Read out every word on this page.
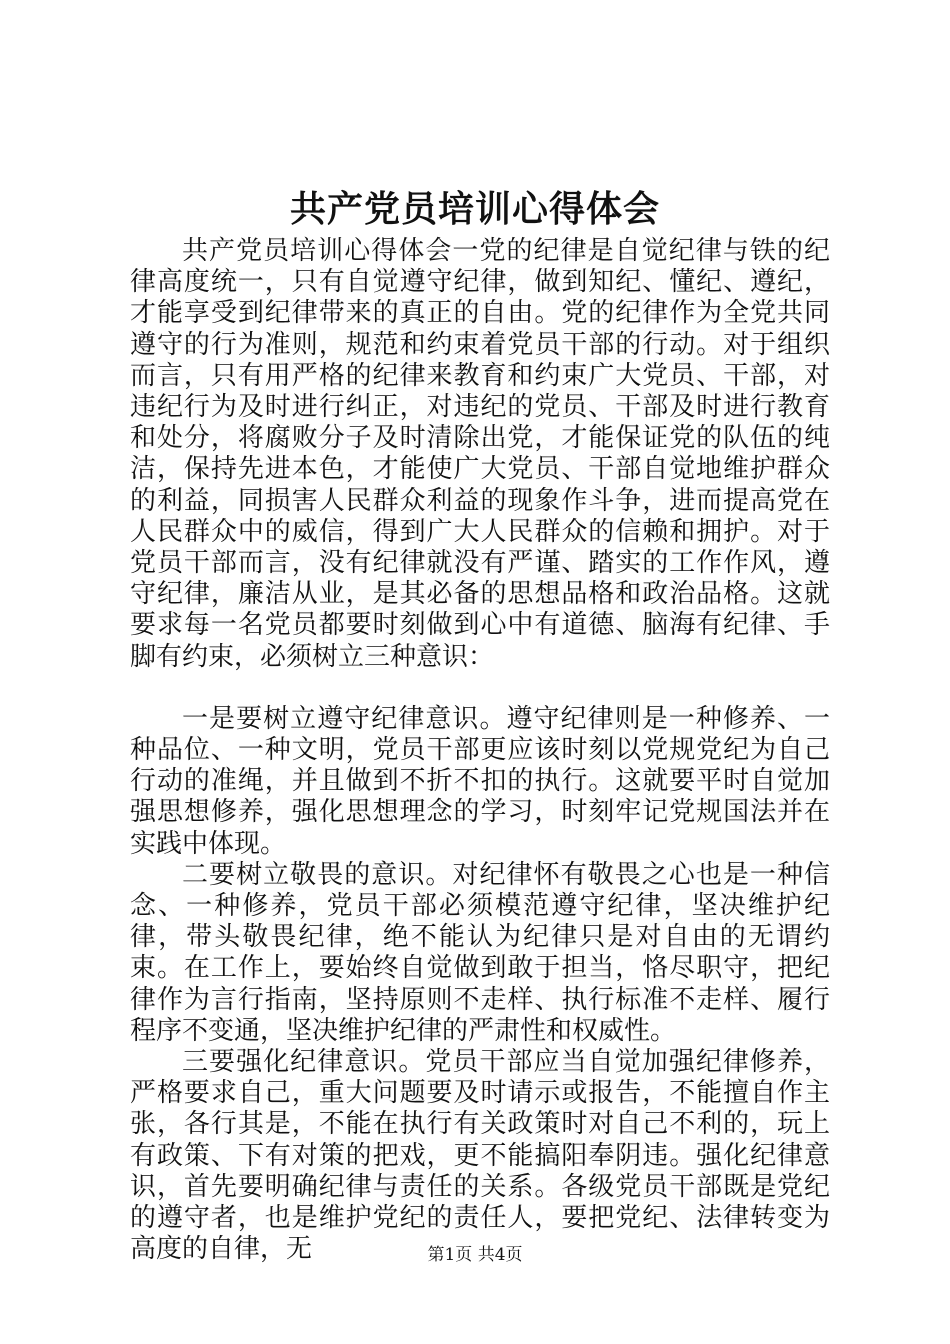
共产党员培训心得体会

共产党员培训心得体会一党的纪律是自觉纪律与铁的纪律高度统一，只有自觉遵守纪律，做到知纪、懂纪、遵纪，才能享受到纪律带来的真正的自由。党的纪律作为全党共同遵守的行为准则，规范和约束着党员干部的行动。对于组织而言，只有用严格的纪律来教育和约束广大党员、干部，对违纪行为及时进行纠正，对违纪的党员、干部及时进行教育和处分，将腐败分子及时清除出党，才能保证党的队伍的纯洁，保持先进本色，才能使广大党员、干部自觉地维护群众的利益，同损害人民群众利益的现象作斗争，进而提高党在人民群众中的威信，得到广大人民群众的信赖和拥护。对于党员干部而言，没有纪律就没有严谨、踏实的工作作风，遵守纪律，廉洁从业，是其必备的思想品格和政治品格。这就要求每一名党员都要时刻做到心中有道德、脑海有纪律、手脚有约束，必须树立三种意识：

一是要树立遵守纪律意识。遵守纪律则是一种修养、一种品位、一种文明，党员干部更应该时刻以党规党纪为自己行动的准绳，并且做到不折不扣的执行。这就要平时自觉加强思想修养，强化思想理念的学习，时刻牢记党规国法并在实践中体现。

二要树立敬畏的意识。对纪律怀有敬畏之心也是一种信念、一种修养，党员干部必须模范遵守纪律，坚决维护纪律，带头敬畏纪律，绝不能认为纪律只是对自由的无谓约束。在工作上，要始终自觉做到敢于担当，恪尽职守，把纪律作为言行指南，坚持原则不走样、执行标准不走样、履行程序不变通，坚决维护纪律的严肃性和权威性。

三要强化纪律意识。党员干部应当自觉加强纪律修养，严格要求自己，重大问题要及时请示或报告，不能擅自作主张，各行其是，不能在执行有关政策时对自己不利的，玩上有政策、下有对策的把戏，更不能搞阳奉阴违。强化纪律意识，首先要明确纪律与责任的关系。各级党员干部既是党纪的遵守者，也是维护党纪的责任人，要把党纪、法律转变为高度的自律，无	第1页 共4页
